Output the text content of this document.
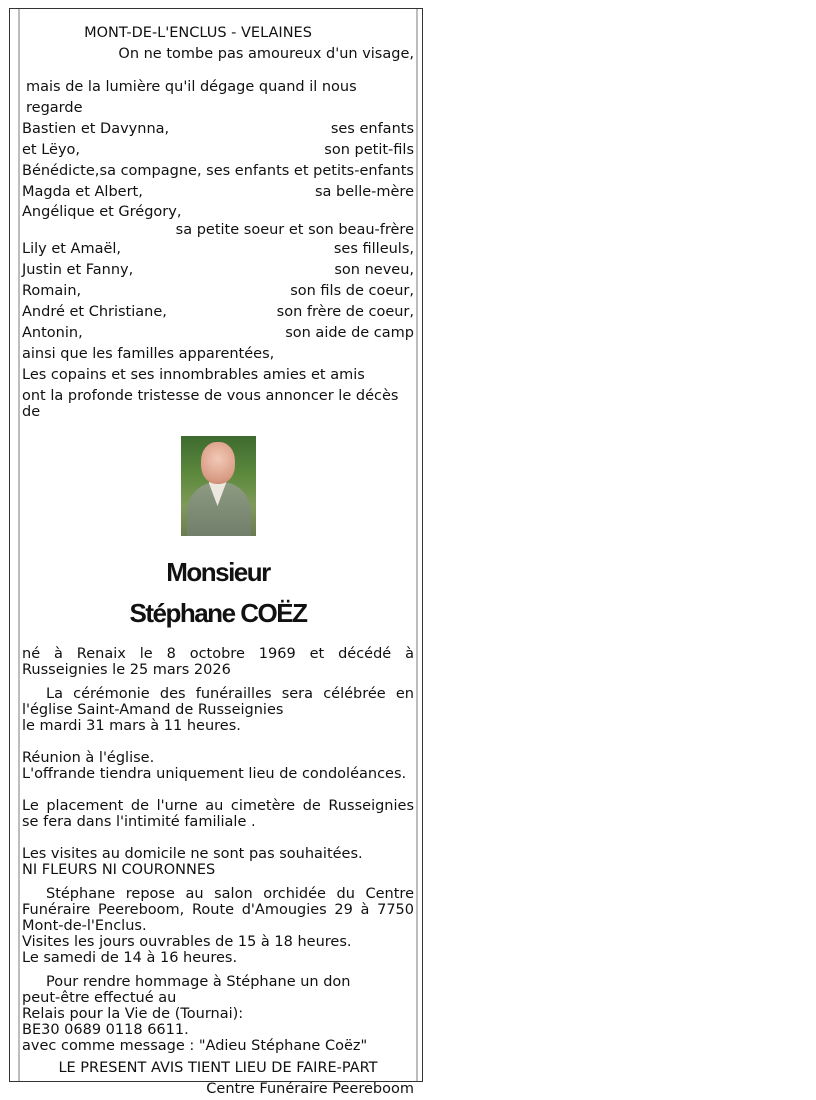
MONT-DE-L'ENCLUS - VELAINES
On ne tombe pas amoureux d'un visage,
mais de la lumière qu'il dégage quand il nous regarde
Bastien et Davynna,	ses enfants
et Lëyo,	son petit-fils
Bénédicte, sa compagne, ses enfants et petits-enfants
Magda et Albert,	sa belle-mère
Angélique et Grégory,
sa petite soeur et son beau-frère
Lily et Amaël,	ses filleuls,
Justin et Fanny,	son neveu,
Romain,	son fils de coeur,
André et Christiane,	son frère de coeur,
Antonin,	son aide de camp
ainsi que les familles apparentées,
Les copains et ses innombrables amies et amis
ont la profonde tristesse de vous annoncer le décès de
Monsieur
Stéphane COËZ
né à Renaix le 8 octobre 1969 et décédé à Russeignies le 25 mars 2026
La cérémonie des funérailles sera célébrée en l'église Saint-Amand de Russeignies
le mardi 31 mars à 11 heures.
Réunion à l'église.
L'offrande tiendra uniquement lieu de condoléances.
Le placement de l'urne au cimetère de Russeignies se fera dans l'intimité familiale .
Les visites au domicile ne sont pas souhaitées.
NI FLEURS NI COURONNES
Stéphane repose au salon orchidée du Centre Funéraire Peereboom, Route d'Amougies 29 à 7750 Mont-de-l'Enclus.
Visites les jours ouvrables de 15 à 18 heures.
Le samedi de 14 à 16 heures.
Pour rendre hommage à Stéphane un don peut-être effectué au
Relais pour la Vie de (Tournai):
BE30 0689 0118 6611.
avec comme message : "Adieu Stéphane Coëz"
LE PRESENT AVIS TIENT LIEU DE FAIRE-PART
Centre Funéraire Peereboom
